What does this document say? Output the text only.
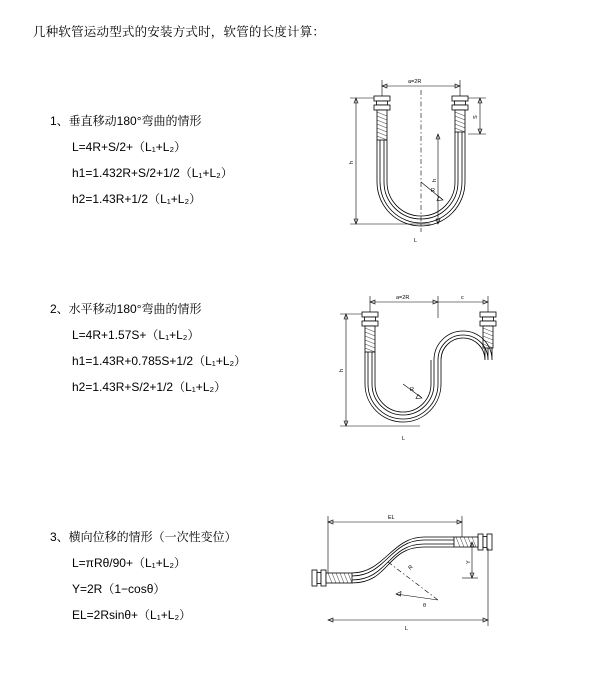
几种软管运动型式的安装方式时，软管的长度计算：
1、垂直移动180°弯曲的情形
L=4R+S/2+（L₁+L₂）
h1=1.432R+S/2+1/2（L₁+L₂）
h2=1.43R+1/2（L₁+L₂）
a=2R
R
h
S
h
L
2、水平移动180°弯曲的情形
L=4R+1.57S+（L₁+L₂）
h1=1.43R+0.785S+1/2（L₁+L₂）
h2=1.43R+S/2+1/2（L₁+L₂）
a=2R	c
R
h
L
3、横向位移的情形（一次性变位）
L=πRθ/90+（L₁+L₂）
Y=2R（1−cosθ）
EL=2Rsinθ+（L₁+L₂）
EL
R
θ
Y
L
